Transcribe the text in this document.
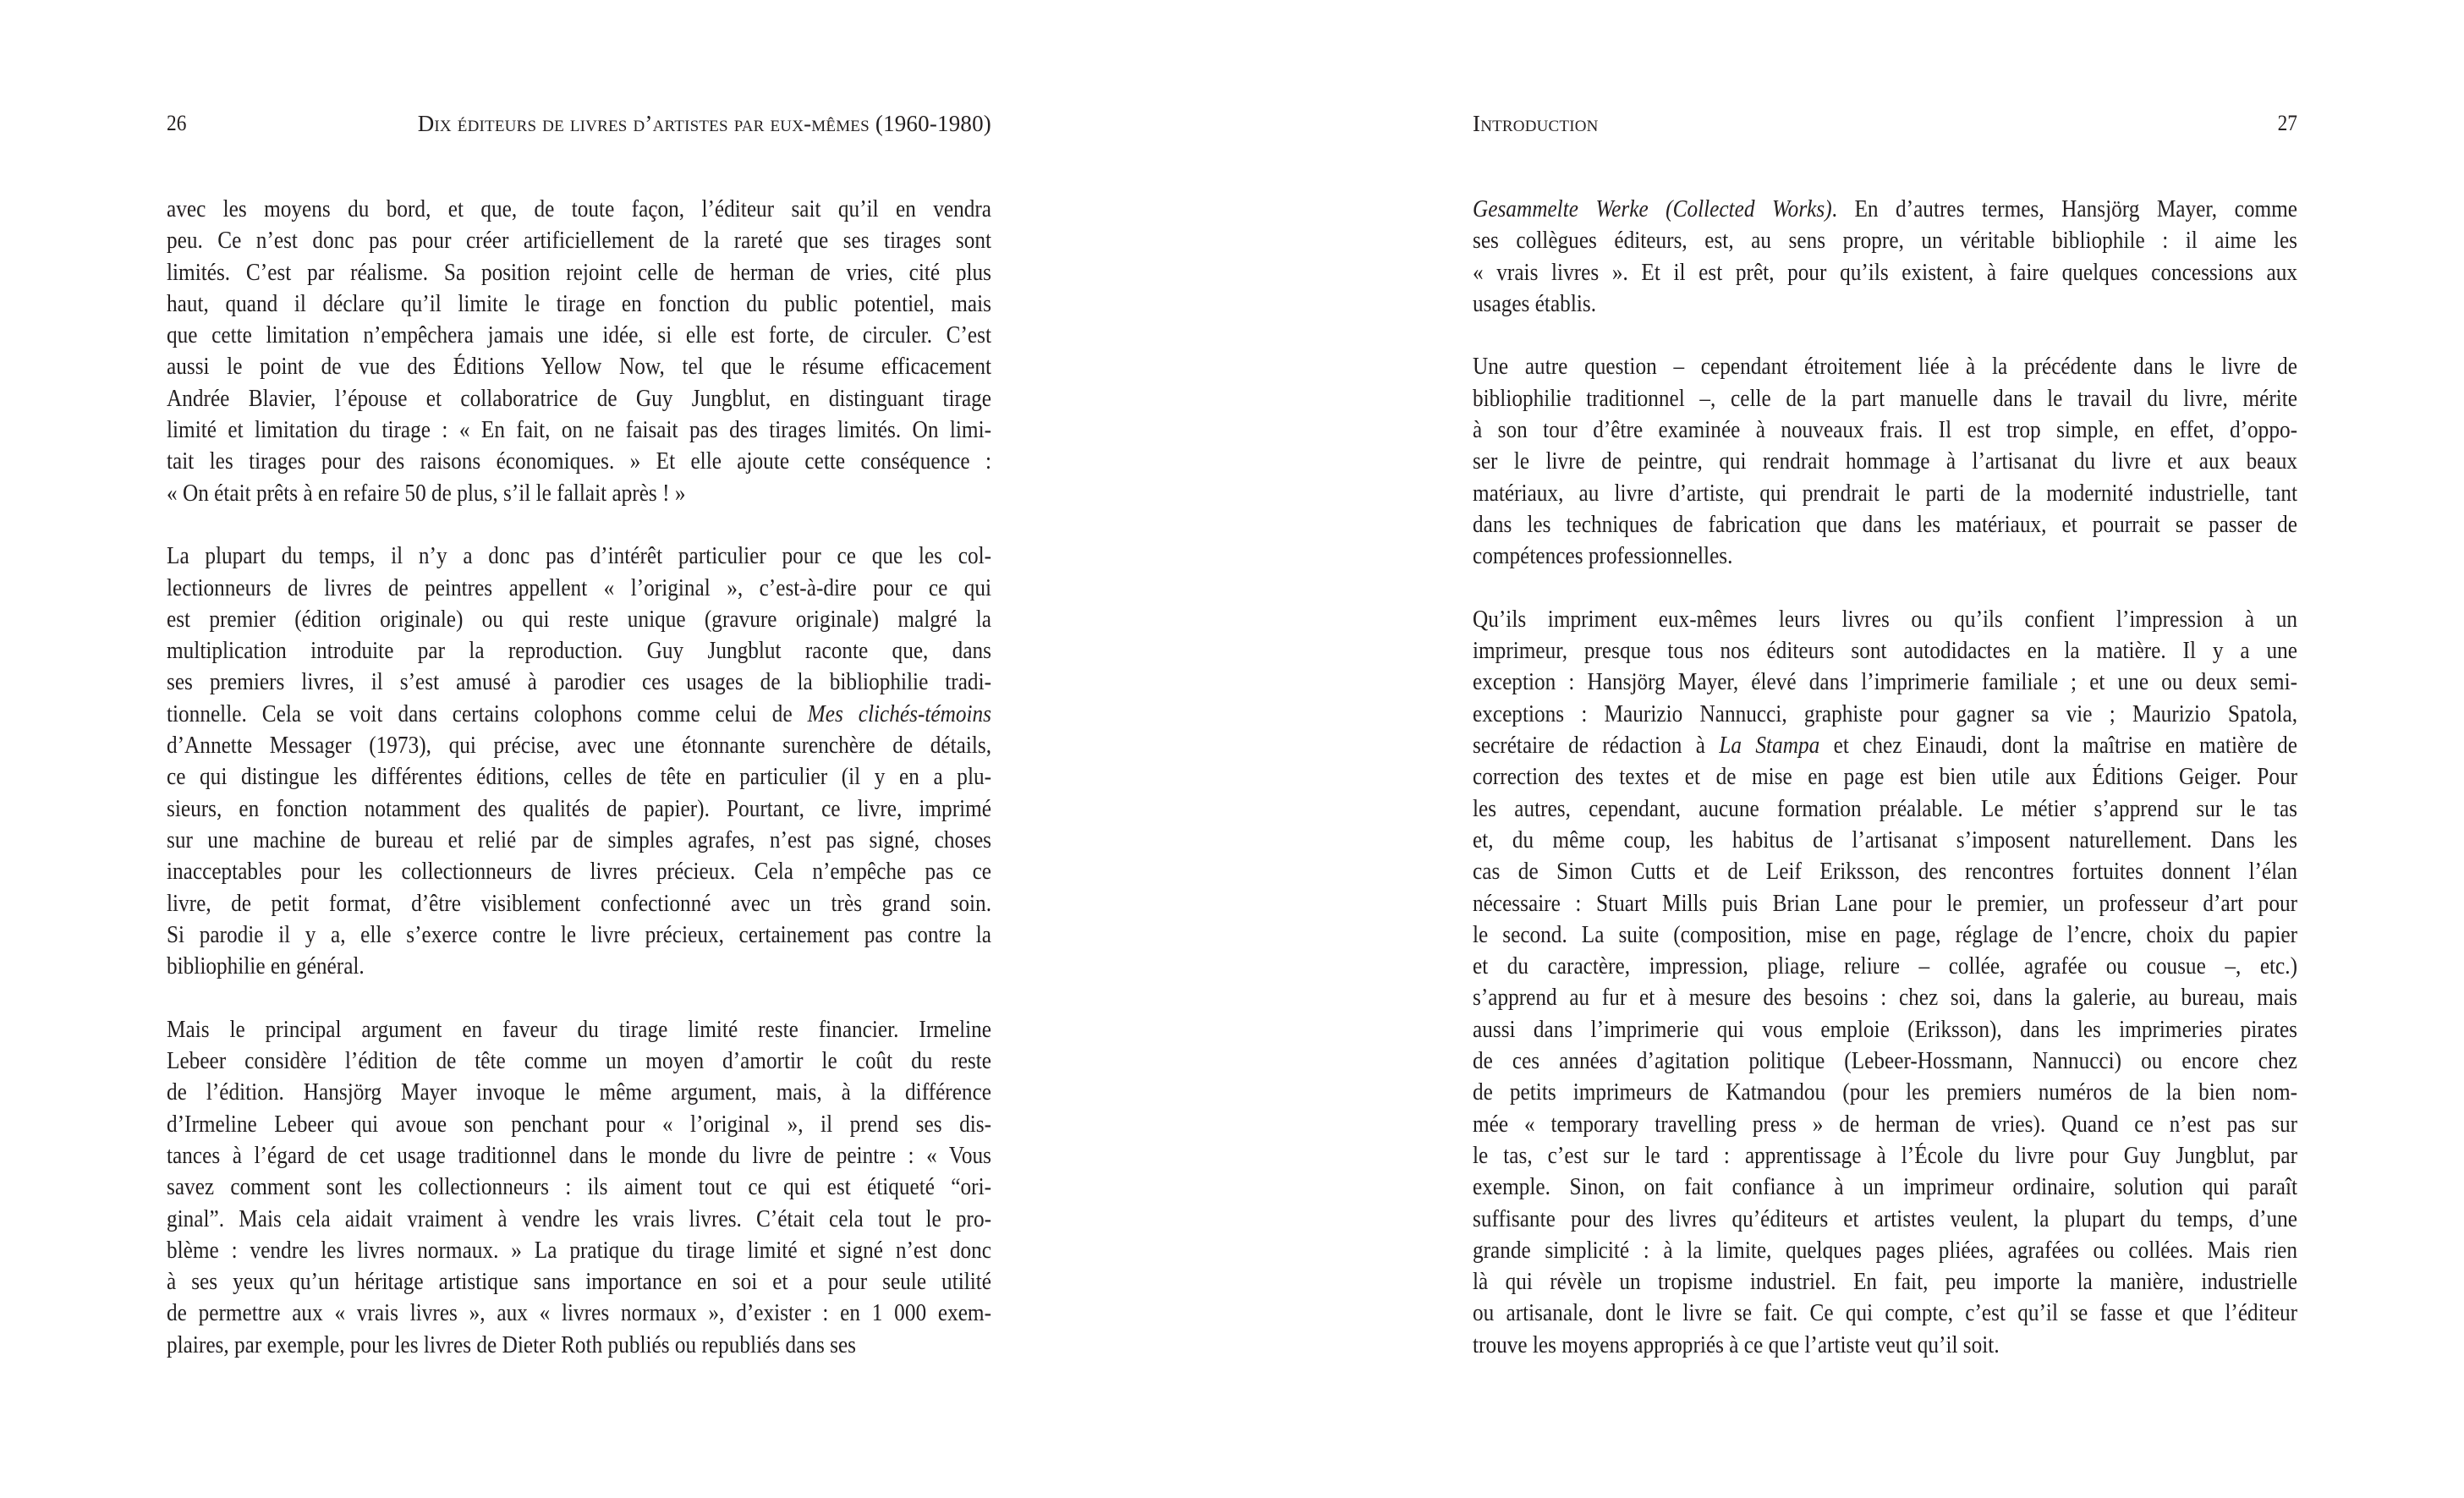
26	Dix éditeurs de livres d’artistes par eux-mêmes (1960-1980)
avec les moyens du bord, et que, de toute façon, l’éditeur sait qu’il en vendra
peu. Ce n’est donc pas pour créer artificiellement de la rareté que ses tirages sont
limités. C’est par réalisme. Sa position rejoint celle de herman de vries, cité plus
haut, quand il déclare qu’il limite le tirage en fonction du public potentiel, mais
que cette limitation n’empêchera jamais une idée, si elle est forte, de circuler. C’est
aussi le point de vue des Éditions Yellow Now, tel que le résume efficacement
Andrée Blavier, l’épouse et collaboratrice de Guy Jungblut, en distinguant tirage
limité et limitation du tirage : « En fait, on ne faisait pas des tirages limités. On limi-
tait les tirages pour des raisons économiques. » Et elle ajoute cette conséquence :
« On était prêts à en refaire 50 de plus, s’il le fallait après ! »
La plupart du temps, il n’y a donc pas d’intérêt particulier pour ce que les col-
lectionneurs de livres de peintres appellent « l’original », c’est-à-dire pour ce qui
est premier (édition originale) ou qui reste unique (gravure originale) malgré la
multiplication introduite par la reproduction. Guy Jungblut raconte que, dans
ses premiers livres, il s’est amusé à parodier ces usages de la bibliophilie tradi-
tionnelle. Cela se voit dans certains colophons comme celui de Mes clichés-témoins
d’Annette Messager (1973), qui précise, avec une étonnante surenchère de détails,
ce qui distingue les différentes éditions, celles de tête en particulier (il y en a plu-
sieurs, en fonction notamment des qualités de papier). Pourtant, ce livre, imprimé
sur une machine de bureau et relié par de simples agrafes, n’est pas signé, choses
inacceptables pour les collectionneurs de livres précieux. Cela n’empêche pas ce
livre, de petit format, d’être visiblement confectionné avec un très grand soin.
Si parodie il y a, elle s’exerce contre le livre précieux, certainement pas contre la
bibliophilie en général.
Mais le principal argument en faveur du tirage limité reste financier. Irmeline
Lebeer considère l’édition de tête comme un moyen d’amortir le coût du reste
de l’édition. Hansjörg Mayer invoque le même argument, mais, à la différence
d’Irmeline Lebeer qui avoue son penchant pour « l’original », il prend ses dis-
tances à l’égard de cet usage traditionnel dans le monde du livre de peintre : « Vous
savez comment sont les collectionneurs : ils aiment tout ce qui est étiqueté “ori-
ginal”. Mais cela aidait vraiment à vendre les vrais livres. C’était cela tout le pro-
blème : vendre les livres normaux. » La pratique du tirage limité et signé n’est donc
à ses yeux qu’un héritage artistique sans importance en soi et a pour seule utilité
de permettre aux « vrais livres », aux « livres normaux », d’exister : en 1 000 exem-
plaires, par exemple, pour les livres de Dieter Roth publiés ou republiés dans ses
Introduction	27
Gesammelte Werke (Collected Works). En d’autres termes, Hansjörg Mayer, comme
ses collègues éditeurs, est, au sens propre, un véritable bibliophile : il aime les
« vrais livres ». Et il est prêt, pour qu’ils existent, à faire quelques concessions aux
usages établis.
Une autre question – cependant étroitement liée à la précédente dans le livre de
bibliophilie traditionnel –, celle de la part manuelle dans le travail du livre, mérite
à son tour d’être examinée à nouveaux frais. Il est trop simple, en effet, d’oppo-
ser le livre de peintre, qui rendrait hommage à l’artisanat du livre et aux beaux
matériaux, au livre d’artiste, qui prendrait le parti de la modernité industrielle, tant
dans les techniques de fabrication que dans les matériaux, et pourrait se passer de
compétences professionnelles.
Qu’ils impriment eux-mêmes leurs livres ou qu’ils confient l’impression à un
imprimeur, presque tous nos éditeurs sont autodidactes en la matière. Il y a une
exception : Hansjörg Mayer, élevé dans l’imprimerie familiale ; et une ou deux semi-
exceptions : Maurizio Nannucci, graphiste pour gagner sa vie ; Maurizio Spatola,
secrétaire de rédaction à La Stampa et chez Einaudi, dont la maîtrise en matière de
correction des textes et de mise en page est bien utile aux Éditions Geiger. Pour
les autres, cependant, aucune formation préalable. Le métier s’apprend sur le tas
et, du même coup, les habitus de l’artisanat s’imposent naturellement. Dans les
cas de Simon Cutts et de Leif Eriksson, des rencontres fortuites donnent l’élan
nécessaire : Stuart Mills puis Brian Lane pour le premier, un professeur d’art pour
le second. La suite (composition, mise en page, réglage de l’encre, choix du papier
et du caractère, impression, pliage, reliure – collée, agrafée ou cousue –, etc.)
s’apprend au fur et à mesure des besoins : chez soi, dans la galerie, au bureau, mais
aussi dans l’imprimerie qui vous emploie (Eriksson), dans les imprimeries pirates
de ces années d’agitation politique (Lebeer-Hossmann, Nannucci) ou encore chez
de petits imprimeurs de Katmandou (pour les premiers numéros de la bien nom-
mée « temporary travelling press » de herman de vries). Quand ce n’est pas sur
le tas, c’est sur le tard : apprentissage à l’École du livre pour Guy Jungblut, par
exemple. Sinon, on fait confiance à un imprimeur ordinaire, solution qui paraît
suffisante pour des livres qu’éditeurs et artistes veulent, la plupart du temps, d’une
grande simplicité : à la limite, quelques pages pliées, agrafées ou collées. Mais rien
là qui révèle un tropisme industriel. En fait, peu importe la manière, industrielle
ou artisanale, dont le livre se fait. Ce qui compte, c’est qu’il se fasse et que l’éditeur
trouve les moyens appropriés à ce que l’artiste veut qu’il soit.
